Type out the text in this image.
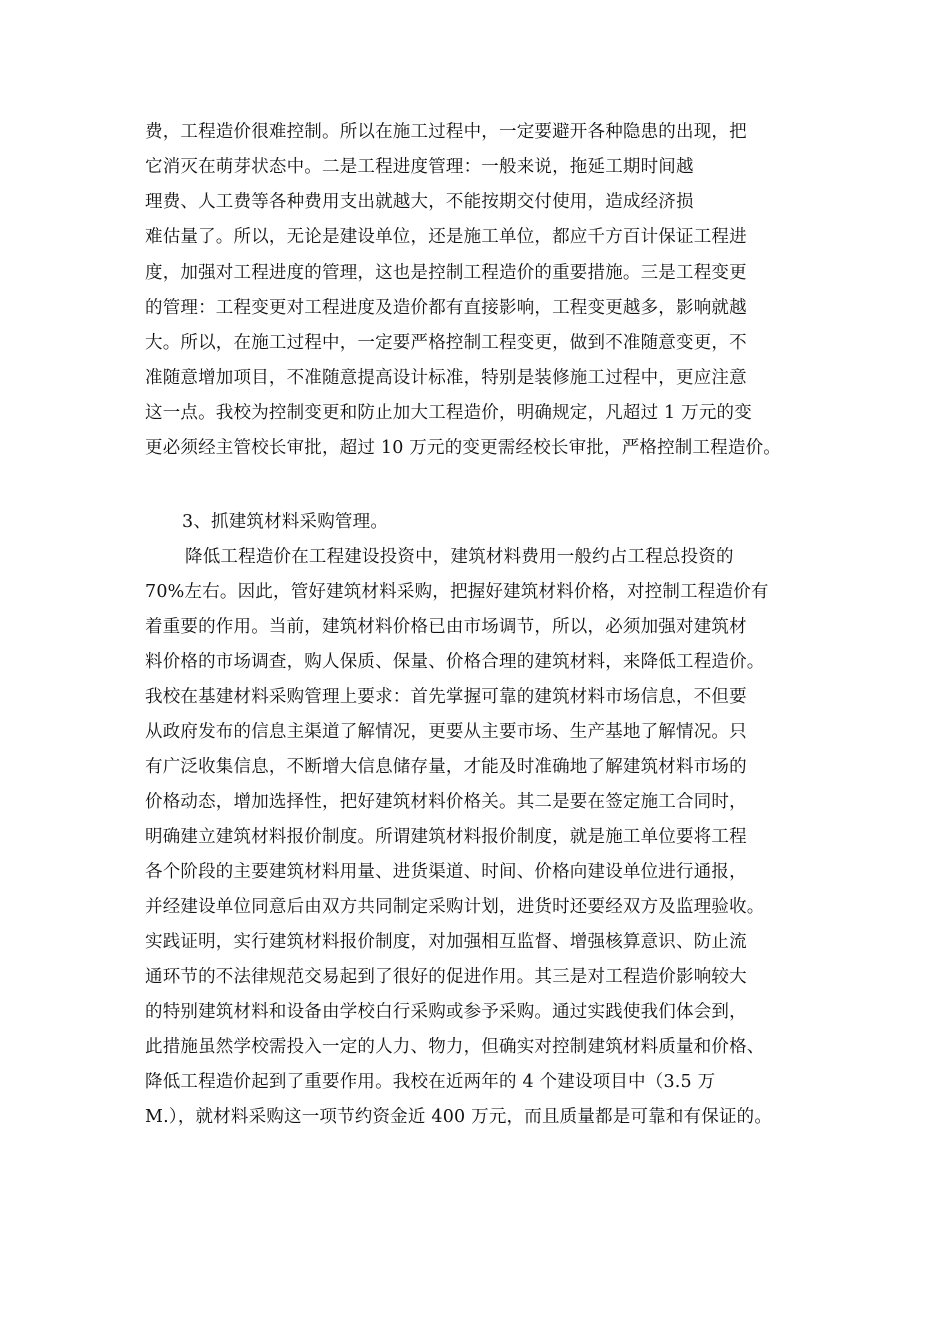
费，工程造价很难控制。所以在施工过程中，一定要避开各种隐患的出现，把
它消灭在萌芽状态中。二是工程进度管理：一般来说，拖延工期时间越
理费、人工费等各种费用支出就越大，不能按期交付使用，造成经济损
难估量了。所以，无论是建设单位，还是施工单位，都应千方百计保证工程进
度，加强对工程进度的管理，这也是控制工程造价的重要措施。三是工程变更
的管理：工程变更对工程进度及造价都有直接影响，工程变更越多，影响就越
大。所以，在施工过程中，一定要严格控制工程变更，做到不准随意变更，不
准随意增加项目，不准随意提高设计标准，特别是装修施工过程中，更应注意
这一点。我校为控制变更和防止加大工程造价，明确规定，凡超过 1 万元的变
更必须经主管校长审批，超过 10 万元的变更需经校长审批，严格控制工程造价。
3、抓建筑材料采购管理。
降低工程造价在工程建设投资中，建筑材料费用一般约占工程总投资的
70%左右。因此，管好建筑材料采购，把握好建筑材料价格，对控制工程造价有
着重要的作用。当前，建筑材料价格已由市场调节，所以，必须加强对建筑材
料价格的市场调查，购人保质、保量、价格合理的建筑材料，来降低工程造价。
我校在基建材料采购管理上要求：首先掌握可靠的建筑材料市场信息，不但要
从政府发布的信息主渠道了解情况，更要从主要市场、生产基地了解情况。只
有广泛收集信息，不断增大信息储存量，才能及时准确地了解建筑材料市场的
价格动态，增加选择性，把好建筑材料价格关。其二是要在签定施工合同时，
明确建立建筑材料报价制度。所谓建筑材料报价制度，就是施工单位要将工程
各个阶段的主要建筑材料用量、进货渠道、时间、价格向建设单位进行通报，
并经建设单位同意后由双方共同制定采购计划，进货时还要经双方及监理验收。
实践证明，实行建筑材料报价制度，对加强相互监督、增强核算意识、防止流
通环节的不法律规范交易起到了很好的促进作用。其三是对工程造价影响较大
的特别建筑材料和设备由学校白行采购或参予采购。通过实践使我们体会到，
此措施虽然学校需投入一定的人力、物力，但确实对控制建筑材料质量和价格、
降低工程造价起到了重要作用。我校在近两年的 4 个建设项目中（3.5 万
M.），就材料采购这一项节约资金近 400 万元，而且质量都是可靠和有保证的。
